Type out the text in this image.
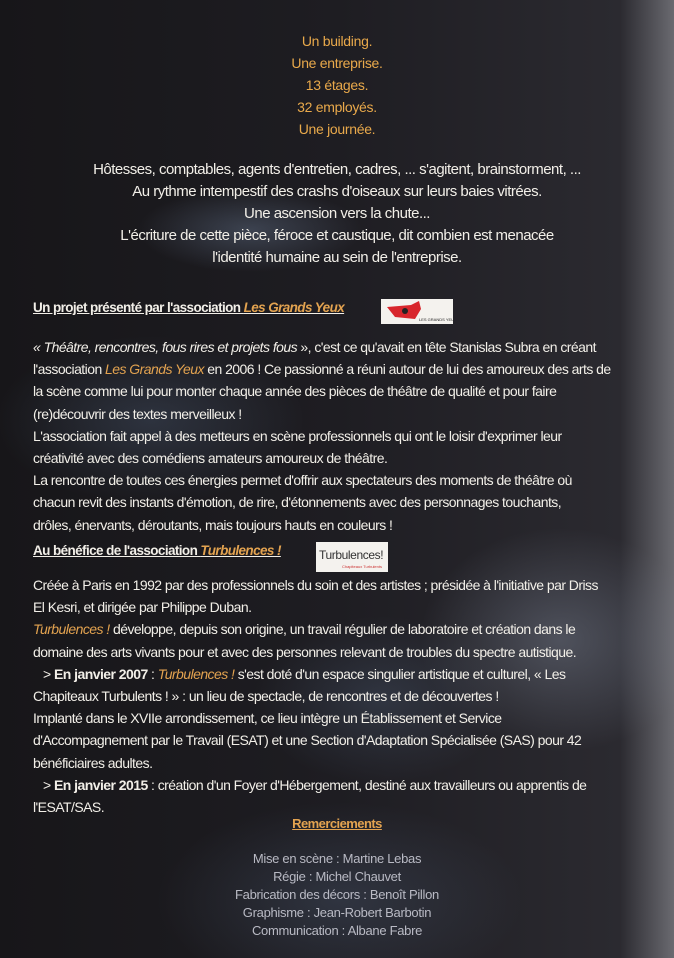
Un building.
Une entreprise.
13 étages.
32 employés.
Une journée.
Hôtesses, comptables, agents d'entretien, cadres, ... s'agitent, brainstorment, ...
Au rythme intempestif des crashs d'oiseaux sur leurs baies vitrées.
Une ascension vers la chute...
L'écriture de cette pièce, féroce et caustique, dit combien est menacée
l'identité humaine au sein de l'entreprise.
Un projet présenté par l'association Les Grands Yeux
LES GRANDS YEUX
« Théâtre, rencontres, fous rires et projets fous », c'est ce qu'avait en tête Stanislas Subra en créant
l'association Les Grands Yeux en 2006 ! Ce passionné a réuni autour de lui des amoureux des arts de
la scène comme lui pour monter chaque année des pièces de théâtre de qualité et pour faire
(re)découvrir des textes merveilleux !
L'association fait appel à des metteurs en scène professionnels qui ont le loisir d'exprimer leur
créativité avec des comédiens amateurs amoureux de théâtre.
La rencontre de toutes ces énergies permet d'offrir aux spectateurs des moments de théâtre où
chacun revit des instants d'émotion, de rire, d'étonnements avec des personnages touchants,
drôles, énervants, déroutants, mais toujours hauts en couleurs !
Au bénéfice de l'association Turbulences !	Turbulences!
Chapiteaux Turbulents
Créée à Paris en 1992 par des professionnels du soin et des artistes ; présidée à l'initiative par Driss
El Kesri, et dirigée par Philippe Duban.
Turbulences ! développe, depuis son origine, un travail régulier de laboratoire et création dans le
domaine des arts vivants pour et avec des personnes relevant de troubles du spectre autistique.
> En janvier 2007 : Turbulences ! s'est doté d'un espace singulier artistique et culturel, « Les
Chapiteaux Turbulents ! » : un lieu de spectacle, de rencontres et de découvertes !
Implanté dans le XVIIe arrondissement, ce lieu intègre un Établissement et Service
d'Accompagnement par le Travail (ESAT) et une Section d'Adaptation Spécialisée (SAS) pour 42
bénéficiaires adultes.
> En janvier 2015 : création d'un Foyer d'Hébergement, destiné aux travailleurs ou apprentis de
l'ESAT/SAS.
Remerciements
Mise en scène : Martine Lebas
Régie : Michel Chauvet
Fabrication des décors : Benoît Pillon
Graphisme : Jean-Robert Barbotin
Communication : Albane Fabre
